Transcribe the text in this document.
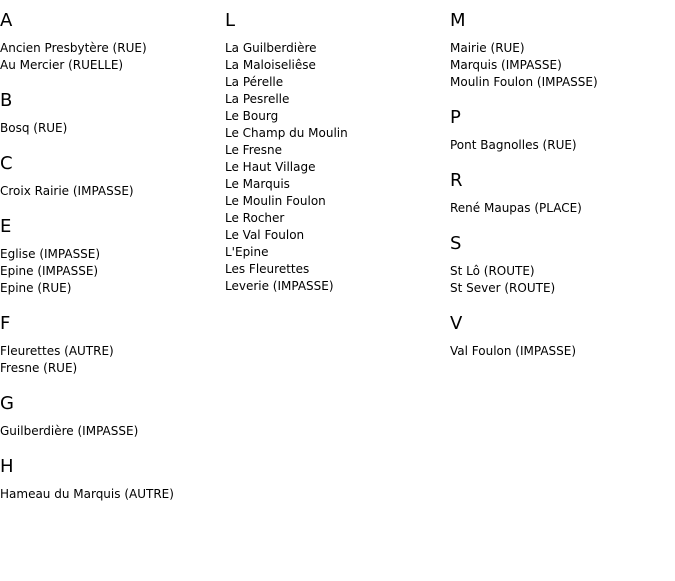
A
Ancien Presbytère (RUE)
Au Mercier (RUELLE)
B
Bosq (RUE)
C
Croix Rairie (IMPASSE)
E
Eglise (IMPASSE)
Epine (IMPASSE)
Epine (RUE)
F
Fleurettes (AUTRE)
Fresne (RUE)
G
Guilberdière (IMPASSE)
H
Hameau du Marquis (AUTRE)
L
La Guilberdière
La Maloiseliêse
La Pérelle
La Pesrelle
Le Bourg
Le Champ du Moulin
Le Fresne
Le Haut Village
Le Marquis
Le Moulin Foulon
Le Rocher
Le Val Foulon
L'Epine
Les Fleurettes
Leverie (IMPASSE)
M
Mairie (RUE)
Marquis (IMPASSE)
Moulin Foulon (IMPASSE)
P
Pont Bagnolles (RUE)
R
René Maupas (PLACE)
S
St Lô (ROUTE)
St Sever (ROUTE)
V
Val Foulon (IMPASSE)
